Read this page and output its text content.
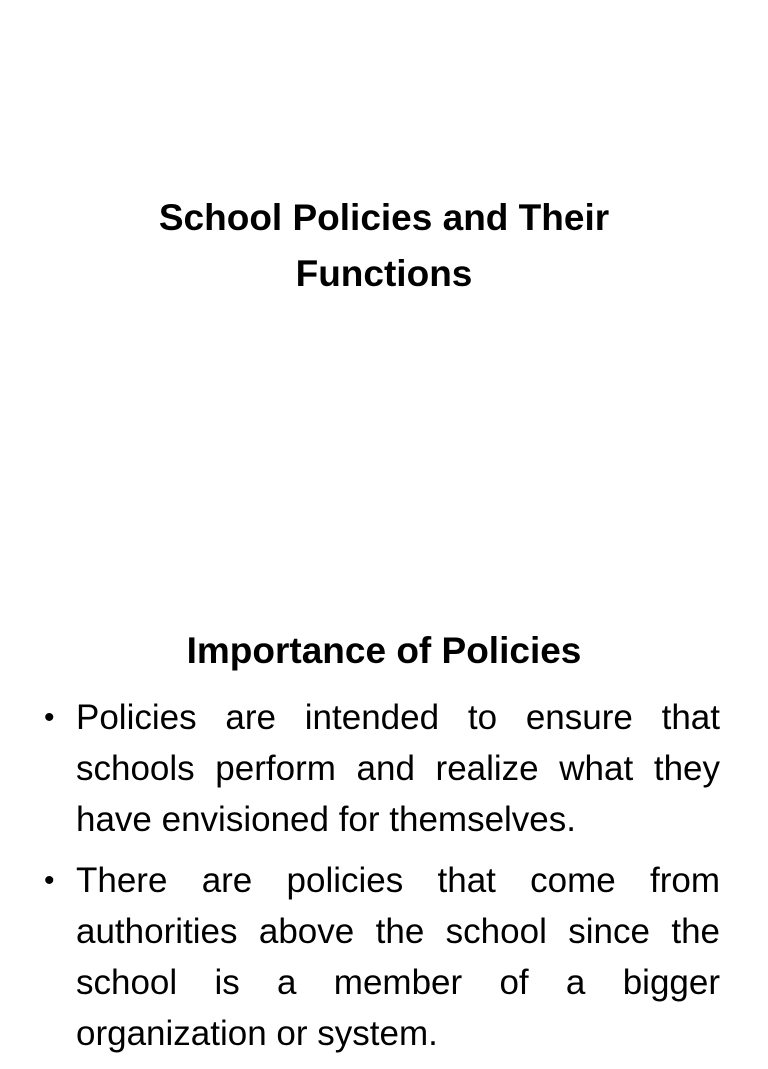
School Policies and Their Functions
Importance of Policies
• Policies are intended to ensure that schools perform and realize what they have envisioned for themselves.
• There are policies that come from authorities above the school since the school is a member of a bigger organization or system.
